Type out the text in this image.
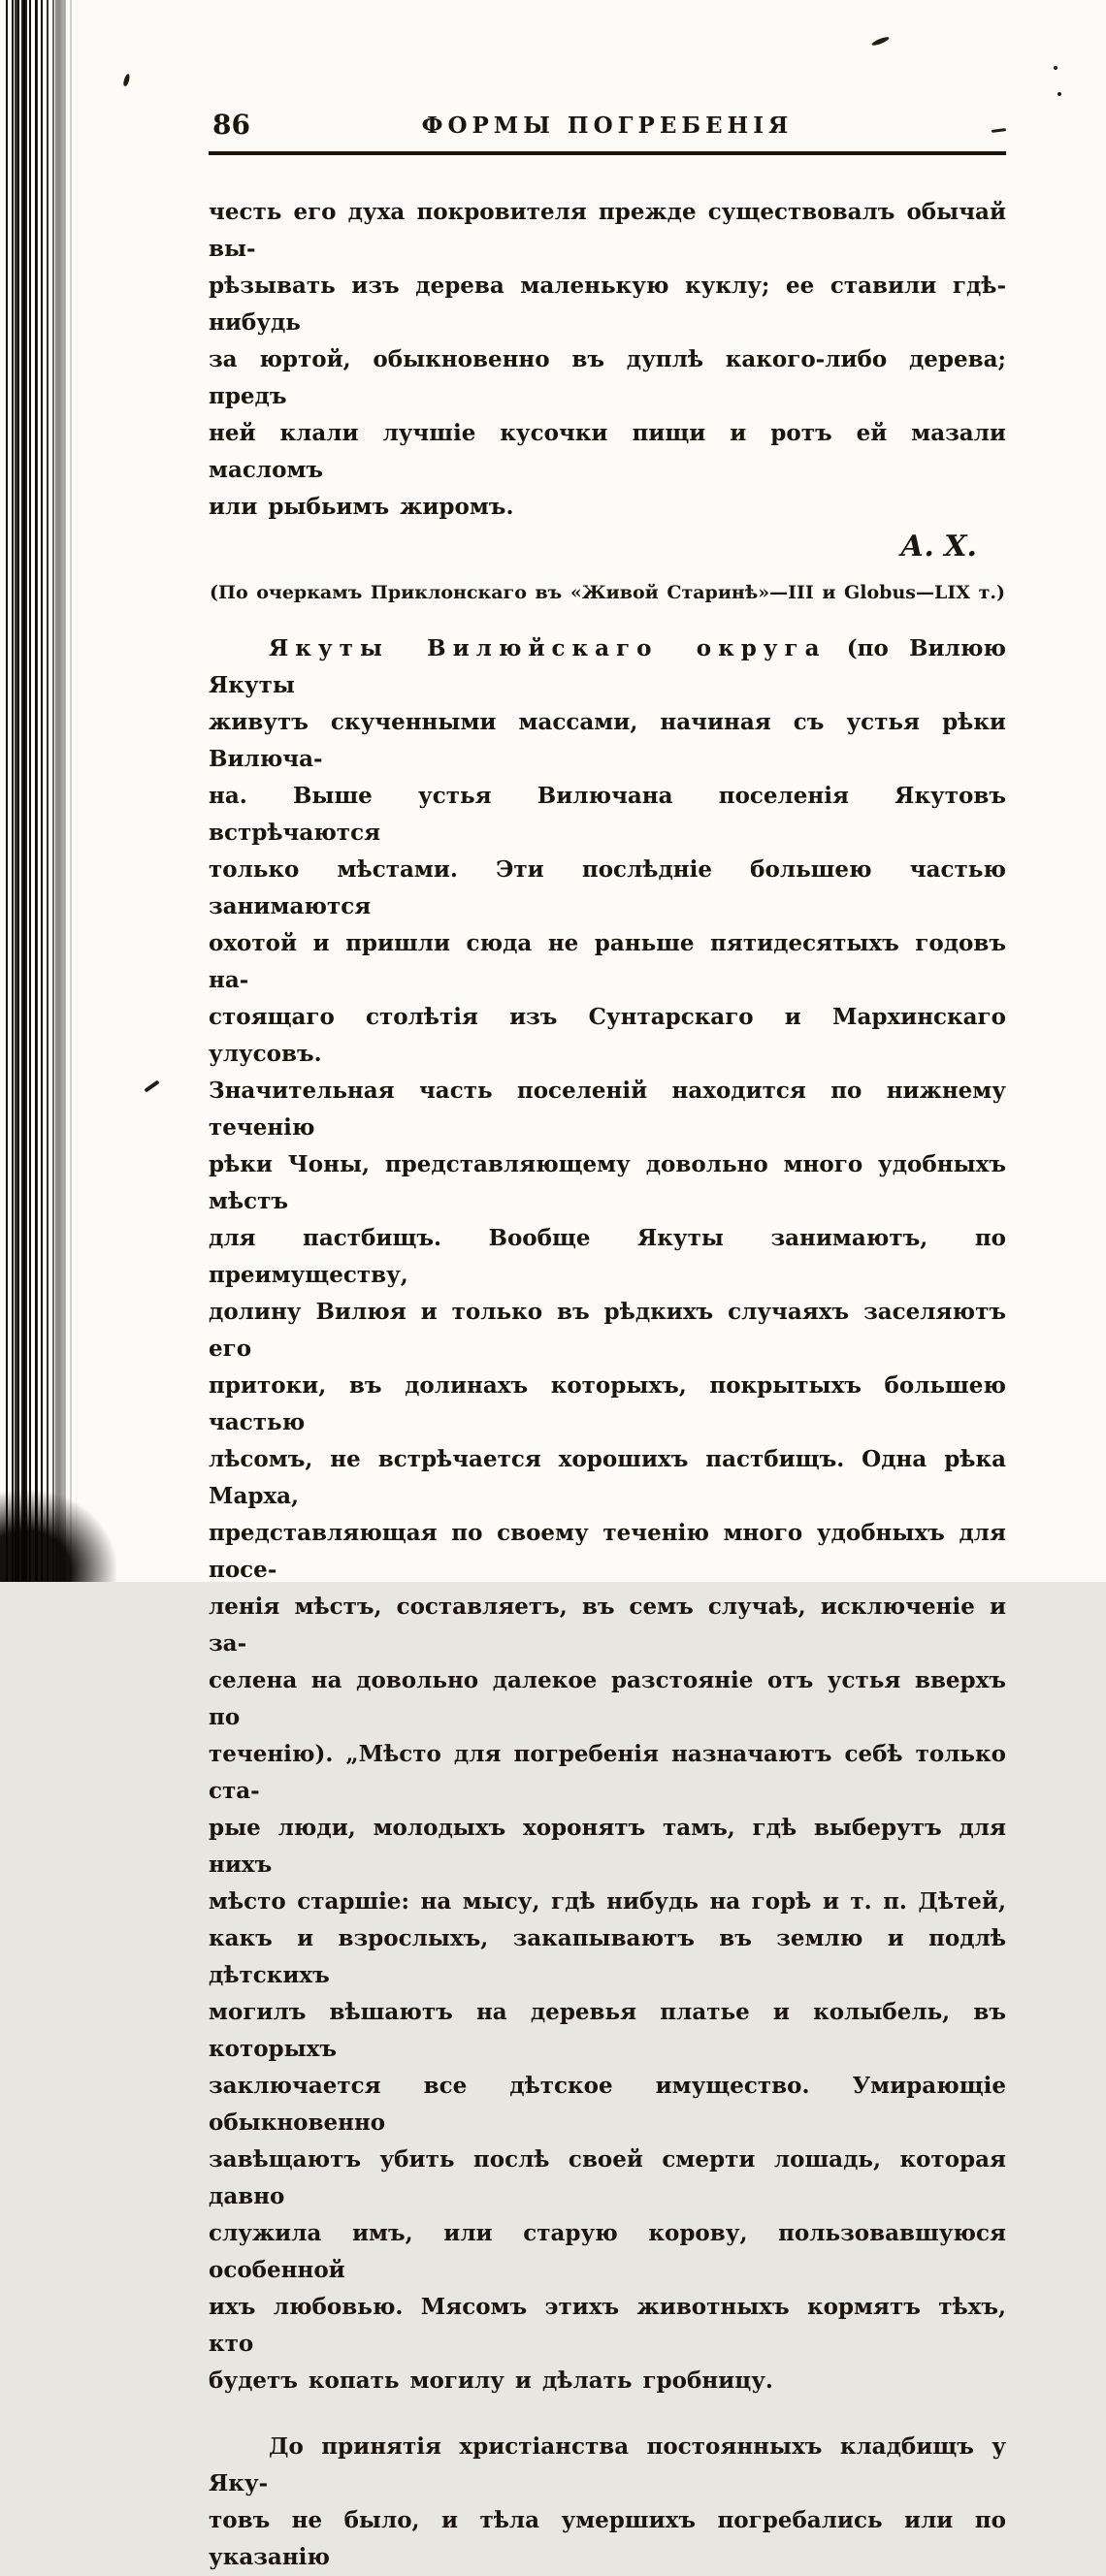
86	ФОРМЫ ПОГРЕБЕНІЯ
честь его духа покровителя прежде существовалъ обычай вы-
рѣзывать изъ дерева маленькую куклу; ее ставили гдѣ-нибудь
за юртой, обыкновенно въ дуплѣ какого-либо дерева; предъ
ней клали лучшіе кусочки пищи и ротъ ей мазали масломъ
или рыбьимъ жиромъ.
А. Х.
(По очеркамъ Приклонскаго въ «Живой Старинѣ»—III и Globus—LIX т.)
Якуты Вилюйскаго округа (по Вилюю Якуты
живутъ скученными массами, начиная съ устья рѣки Вилюча-
на. Выше устья Вилючана поселенія Якутовъ встрѣчаются
только мѣстами. Эти послѣдніе большею частью занимаются
охотой и пришли сюда не раньше пятидесятыхъ годовъ на-
стоящаго столѣтія изъ Сунтарскаго и Мархинскаго улусовъ.
Значительная часть поселеній находится по нижнему теченію
рѣки Чоны, представляющему довольно много удобныхъ мѣстъ
для пастбищъ. Вообще Якуты занимаютъ, по преимуществу,
долину Вилюя и только въ рѣдкихъ случаяхъ заселяютъ его
притоки, въ долинахъ которыхъ, покрытыхъ большею частью
лѣсомъ, не встрѣчается хорошихъ пастбищъ. Одна рѣка Марха,
представляющая по своему теченію много удобныхъ для посе-
ленія мѣстъ, составляетъ, въ семъ случаѣ, исключеніе и за-
селена на довольно далекое разстояніе отъ устья вверхъ по
теченію). „Мѣсто для погребенія назначаютъ себѣ только ста-
рые люди, молодыхъ хоронятъ тамъ, гдѣ выберутъ для нихъ
мѣсто старшіе: на мысу, гдѣ нибудь на горѣ и т. п. Дѣтей,
какъ и взрослыхъ, закапываютъ въ землю и подлѣ дѣтскихъ
могилъ вѣшаютъ на деревья платье и колыбель, въ которыхъ
заключается все дѣтское имущество. Умирающіе обыкновенно
завѣщаютъ убить послѣ своей смерти лошадь, которая давно
служила имъ, или старую корову, пользовавшуюся особенной
ихъ любовью. Мясомъ этихъ животныхъ кормятъ тѣхъ, кто
будетъ копать могилу и дѣлать гробницу.
До принятія христіанства постоянныхъ кладбищъ у Яку-
товъ не было, и тѣла умершихъ погребались или по указанію
